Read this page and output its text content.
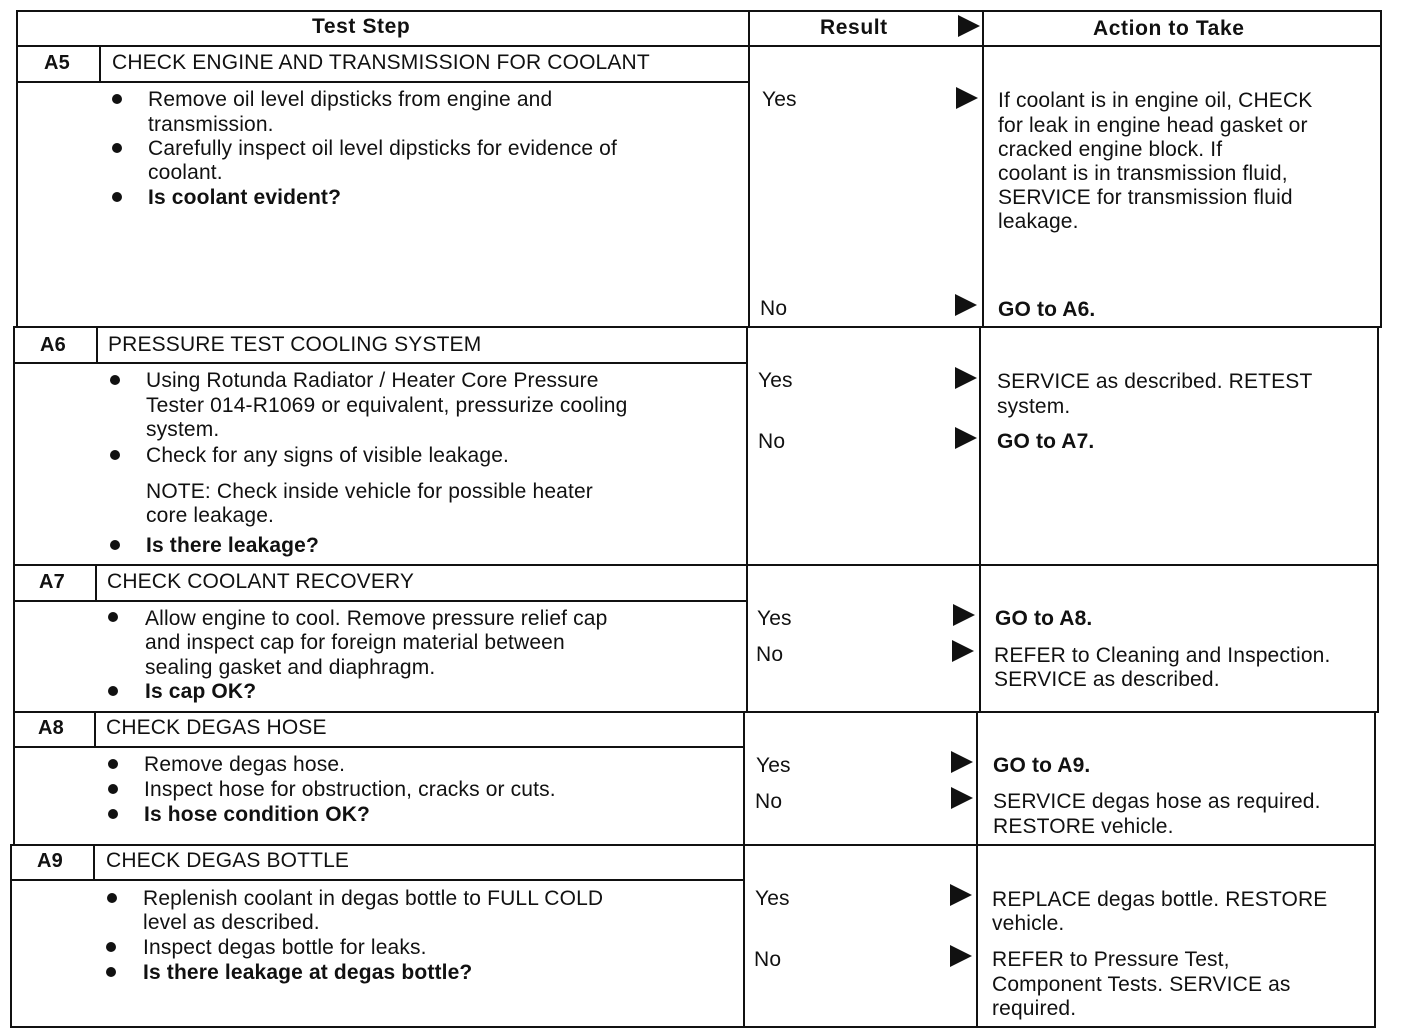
Test Step	Result	Action to Take
A5 CHECK ENGINE AND TRANSMISSION FOR COOLANT
Remove oil level dipsticks from engine and
transmission.
Carefully inspect oil level dipsticks for evidence of
coolant.
Is coolant evident?
Yes	If coolant is in engine oil, CHECK
for leak in engine head gasket or
cracked engine block. If
coolant is in transmission fluid,
SERVICE for transmission fluid
leakage.
No	GO to A6.
A6 PRESSURE TEST COOLING SYSTEM
Using Rotunda Radiator / Heater Core Pressure
Tester 014-R1069 or equivalent, pressurize cooling
system.
Check for any signs of visible leakage.
NOTE: Check inside vehicle for possible heater
core leakage.
Is there leakage?
Yes	SERVICE as described. RETEST
system.
No	GO to A7.
A7 CHECK COOLANT RECOVERY
Allow engine to cool. Remove pressure relief cap
and inspect cap for foreign material between
sealing gasket and diaphragm.
Is cap OK?
Yes	GO to A8.
No	REFER to Cleaning and Inspection.
SERVICE as described.
A8 CHECK DEGAS HOSE
Remove degas hose.
Inspect hose for obstruction, cracks or cuts.
Is hose condition OK?
Yes	GO to A9.
No	SERVICE degas hose as required.
RESTORE vehicle.
A9 CHECK DEGAS BOTTLE
Replenish coolant in degas bottle to FULL COLD
level as described.
Inspect degas bottle for leaks.
Is there leakage at degas bottle?
Yes	REPLACE degas bottle. RESTORE
vehicle.
No	REFER to Pressure Test,
Component Tests. SERVICE as
required.
